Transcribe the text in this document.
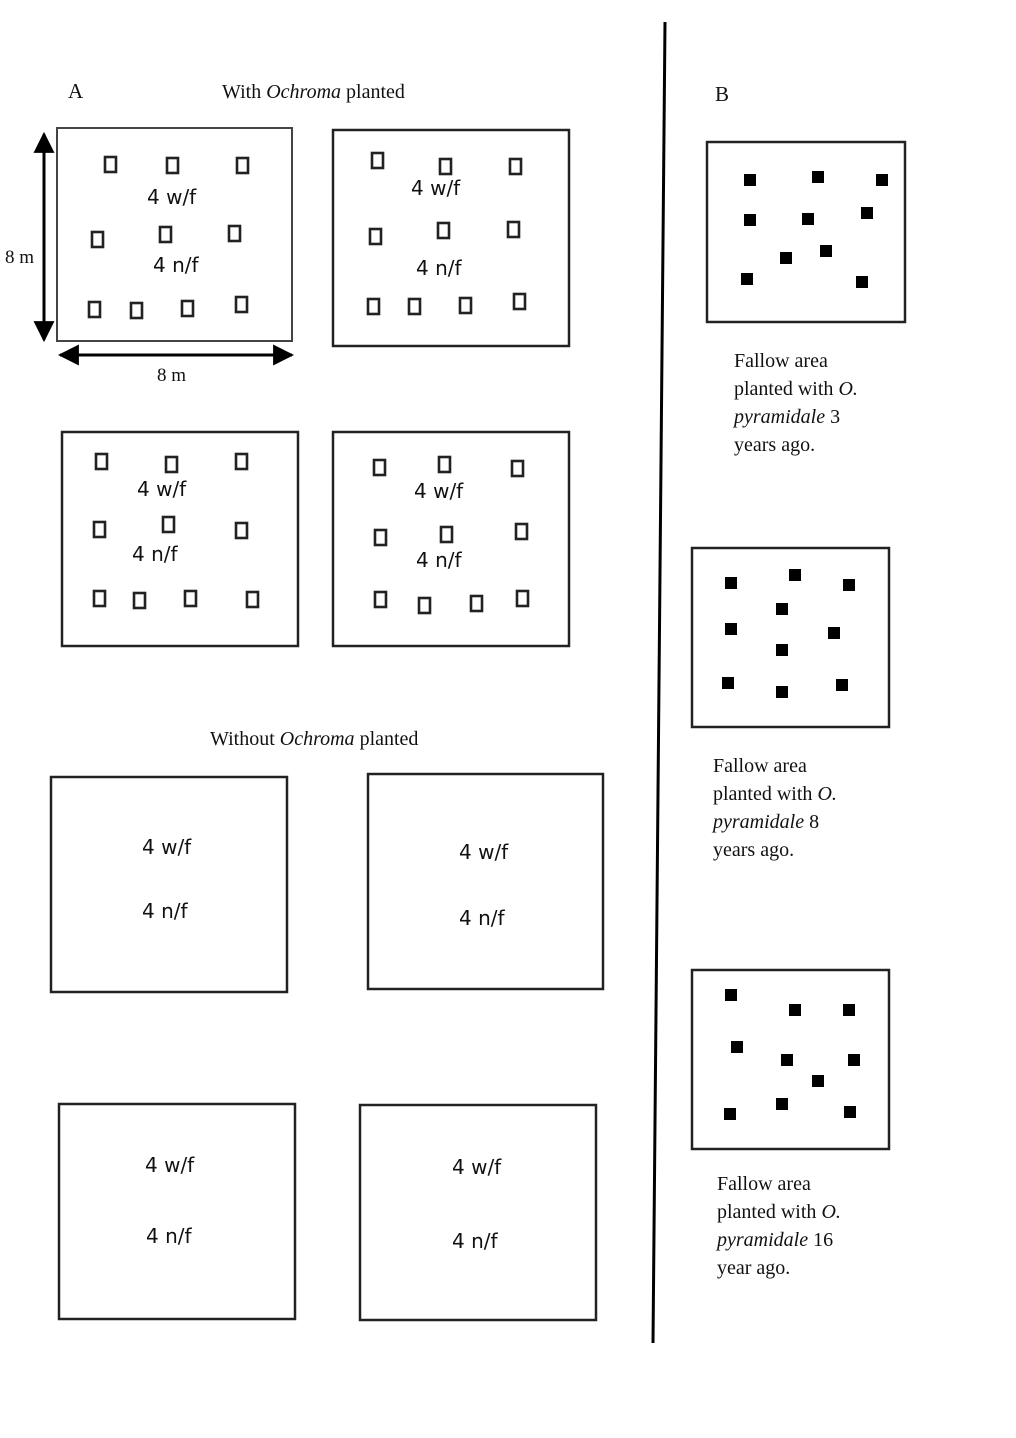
A	With Ochroma planted
8 m
8 m
4 w/f
4 n/f
4 w/f
4 n/f
4 w/f
4 n/f
4 w/f
4 n/f
Without Ochroma planted
4 w/f
4 n/f
4 w/f
4 n/f
4 w/f
4 n/f
4 w/f
4 n/f
B

Fallow area
planted with O.
pyramidale 3
years ago.

Fallow area
planted with O.
pyramidale 8
years ago.

Fallow area
planted with O.
pyramidale 16
year ago.
